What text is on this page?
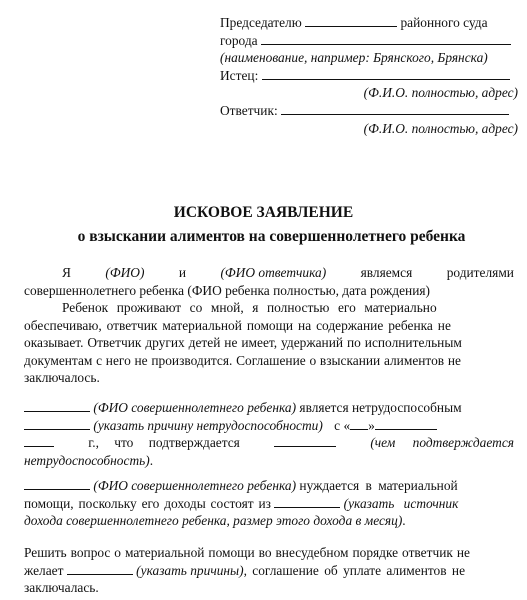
Председателю	районного суда
города
(наименование, например: Брянского, Брянска)
Истец:
(Ф.И.О. полностью, адрес)
Ответчик:
(Ф.И.О. полностью, адрес)
ИСКОВОЕ ЗАЯВЛЕНИЕ
о взыскании алиментов на совершеннолетнего ребенка
Я	(ФИО)	и	(ФИО ответчика)	являемся	родителями
совершеннолетнего ребенка (ФИО ребенка полностью, дата рождения)
Ребенок проживают со мной, я полностью его материально
обеспечиваю, ответчик материальной помощи на содержание ребенка не
оказывает. Ответчик других детей не имеет, удержаний по исполнительным
документам с него не производится. Соглашение о взыскании алиментов не
заключалось.
(ФИО совершеннолетнего ребенка) является нетрудоспособным
(указать причину нетрудоспособности) с « »
г., что подтверждается	(чем подтверждается
нетрудоспособность).
(ФИО совершеннолетнего ребенка) нуждается в материальной
помощи, поскольку его доходы состоят из	(указать источник
дохода совершеннолетнего ребенка, размер этого дохода в месяц).
Решить вопрос о материальной помощи во внесудебном порядке ответчик не
желает	(указать причины), соглашение об уплате алиментов не
заключалась.
